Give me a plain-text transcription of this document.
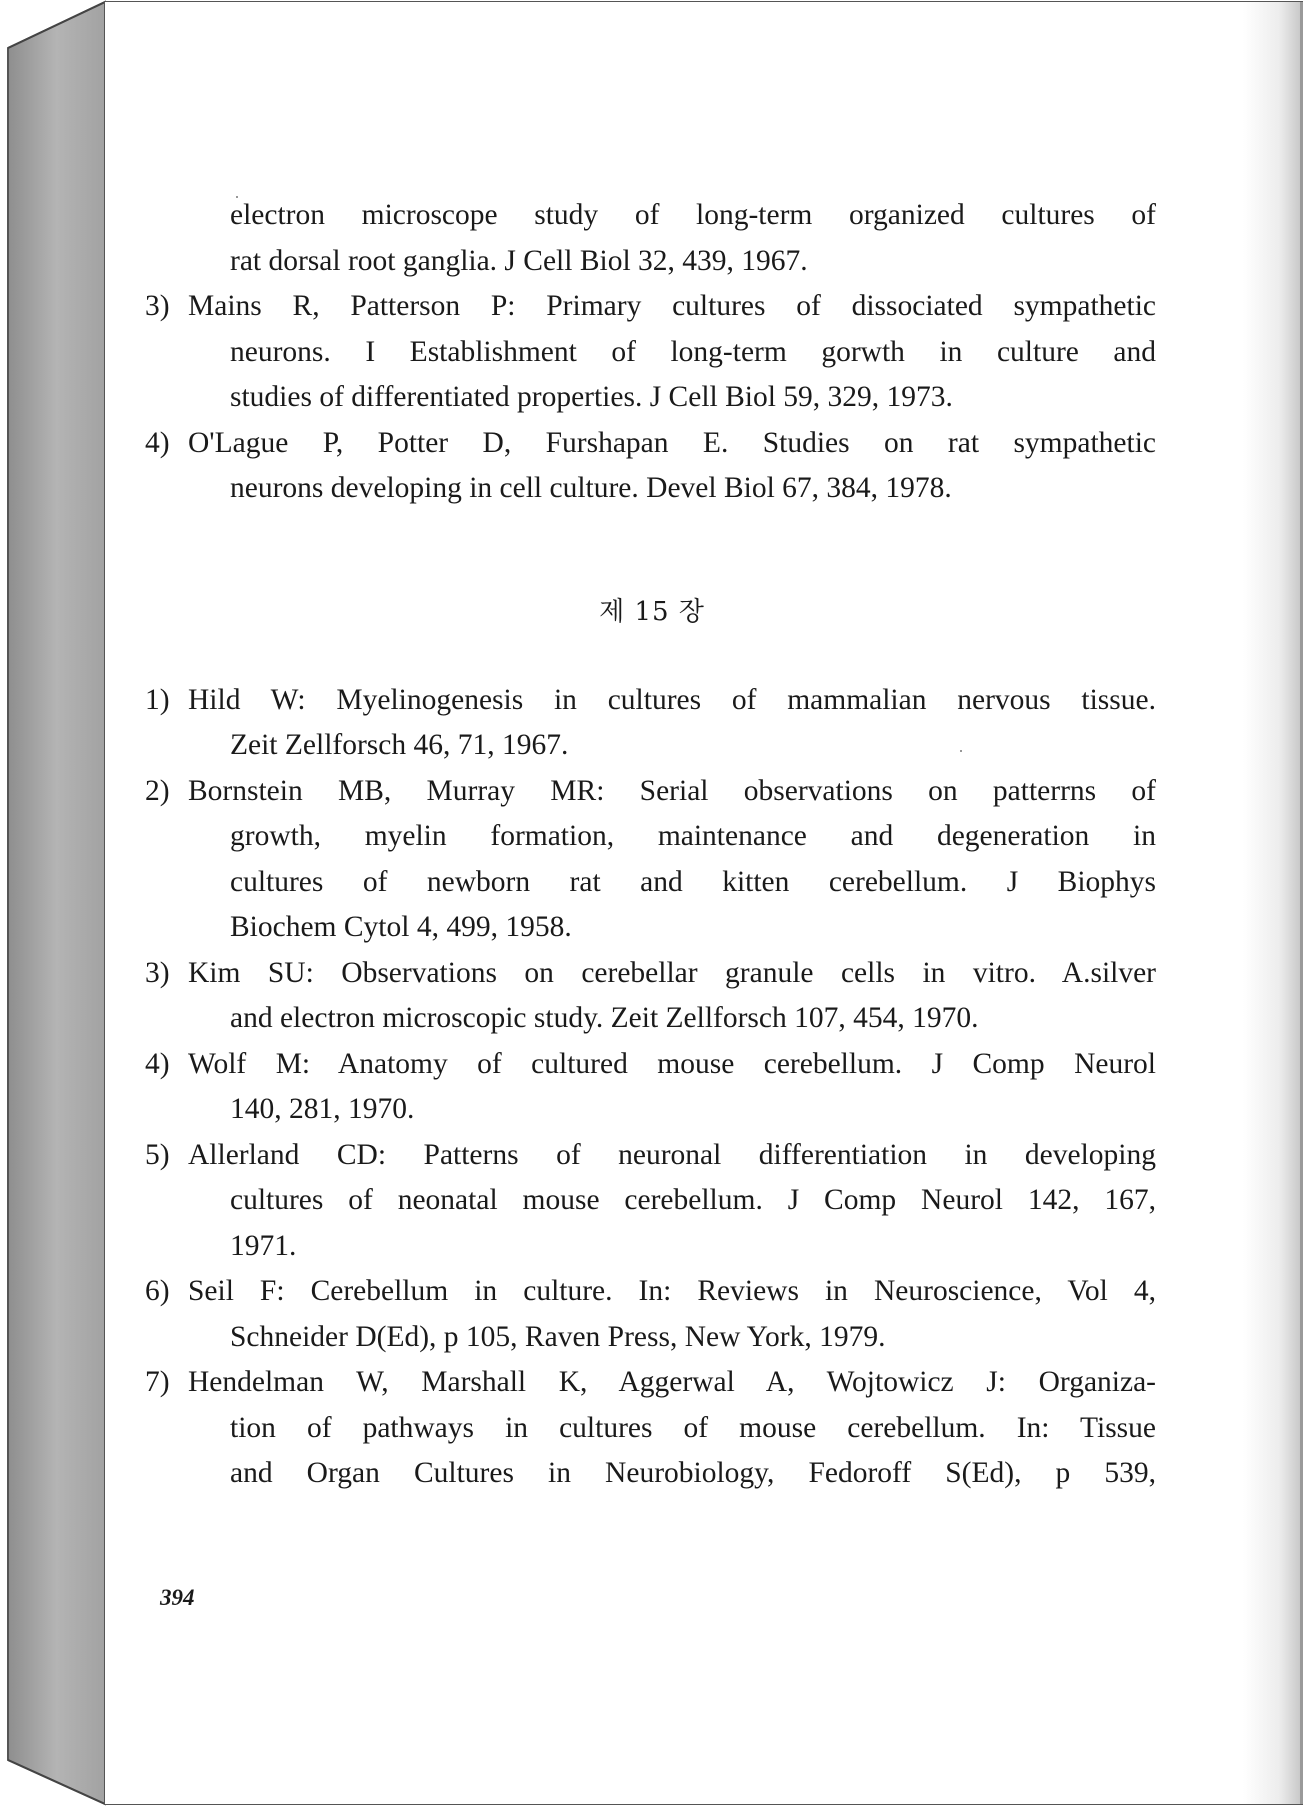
electron microscope study of long-term organized cultures of
rat dorsal root ganglia. J Cell Biol 32, 439, 1967.
3) Mains R, Patterson P: Primary cultures of dissociated sympathetic
neurons. I Establishment of long-term gorwth in culture and
studies of differentiated properties. J Cell Biol 59, 329, 1973.
4) O'Lague P, Potter D, Furshapan E. Studies on rat sympathetic
neurons developing in cell culture. Devel Biol 67, 384, 1978.
제 15 장
1) Hild W: Myelinogenesis in cultures of mammalian nervous tissue.
Zeit Zellforsch 46, 71, 1967.
2) Bornstein MB, Murray MR: Serial observations on patterrns of
growth, myelin formation, maintenance and degeneration in
cultures of newborn rat and kitten cerebellum. J Biophys
Biochem Cytol 4, 499, 1958.
3) Kim SU: Observations on cerebellar granule cells in vitro. A.silver
and electron microscopic study. Zeit Zellforsch 107, 454, 1970.
4) Wolf M: Anatomy of cultured mouse cerebellum. J Comp Neurol
140, 281, 1970.
5) Allerland CD: Patterns of neuronal differentiation in developing
cultures of neonatal mouse cerebellum. J Comp Neurol 142, 167,
1971.
6) Seil F: Cerebellum in culture. In: Reviews in Neuroscience, Vol 4,
Schneider D(Ed), p 105, Raven Press, New York, 1979.
7) Hendelman W, Marshall K, Aggerwal A, Wojtowicz J: Organiza-
tion of pathways in cultures of mouse cerebellum. In: Tissue
and Organ Cultures in Neurobiology, Fedoroff S(Ed), p 539,
394
